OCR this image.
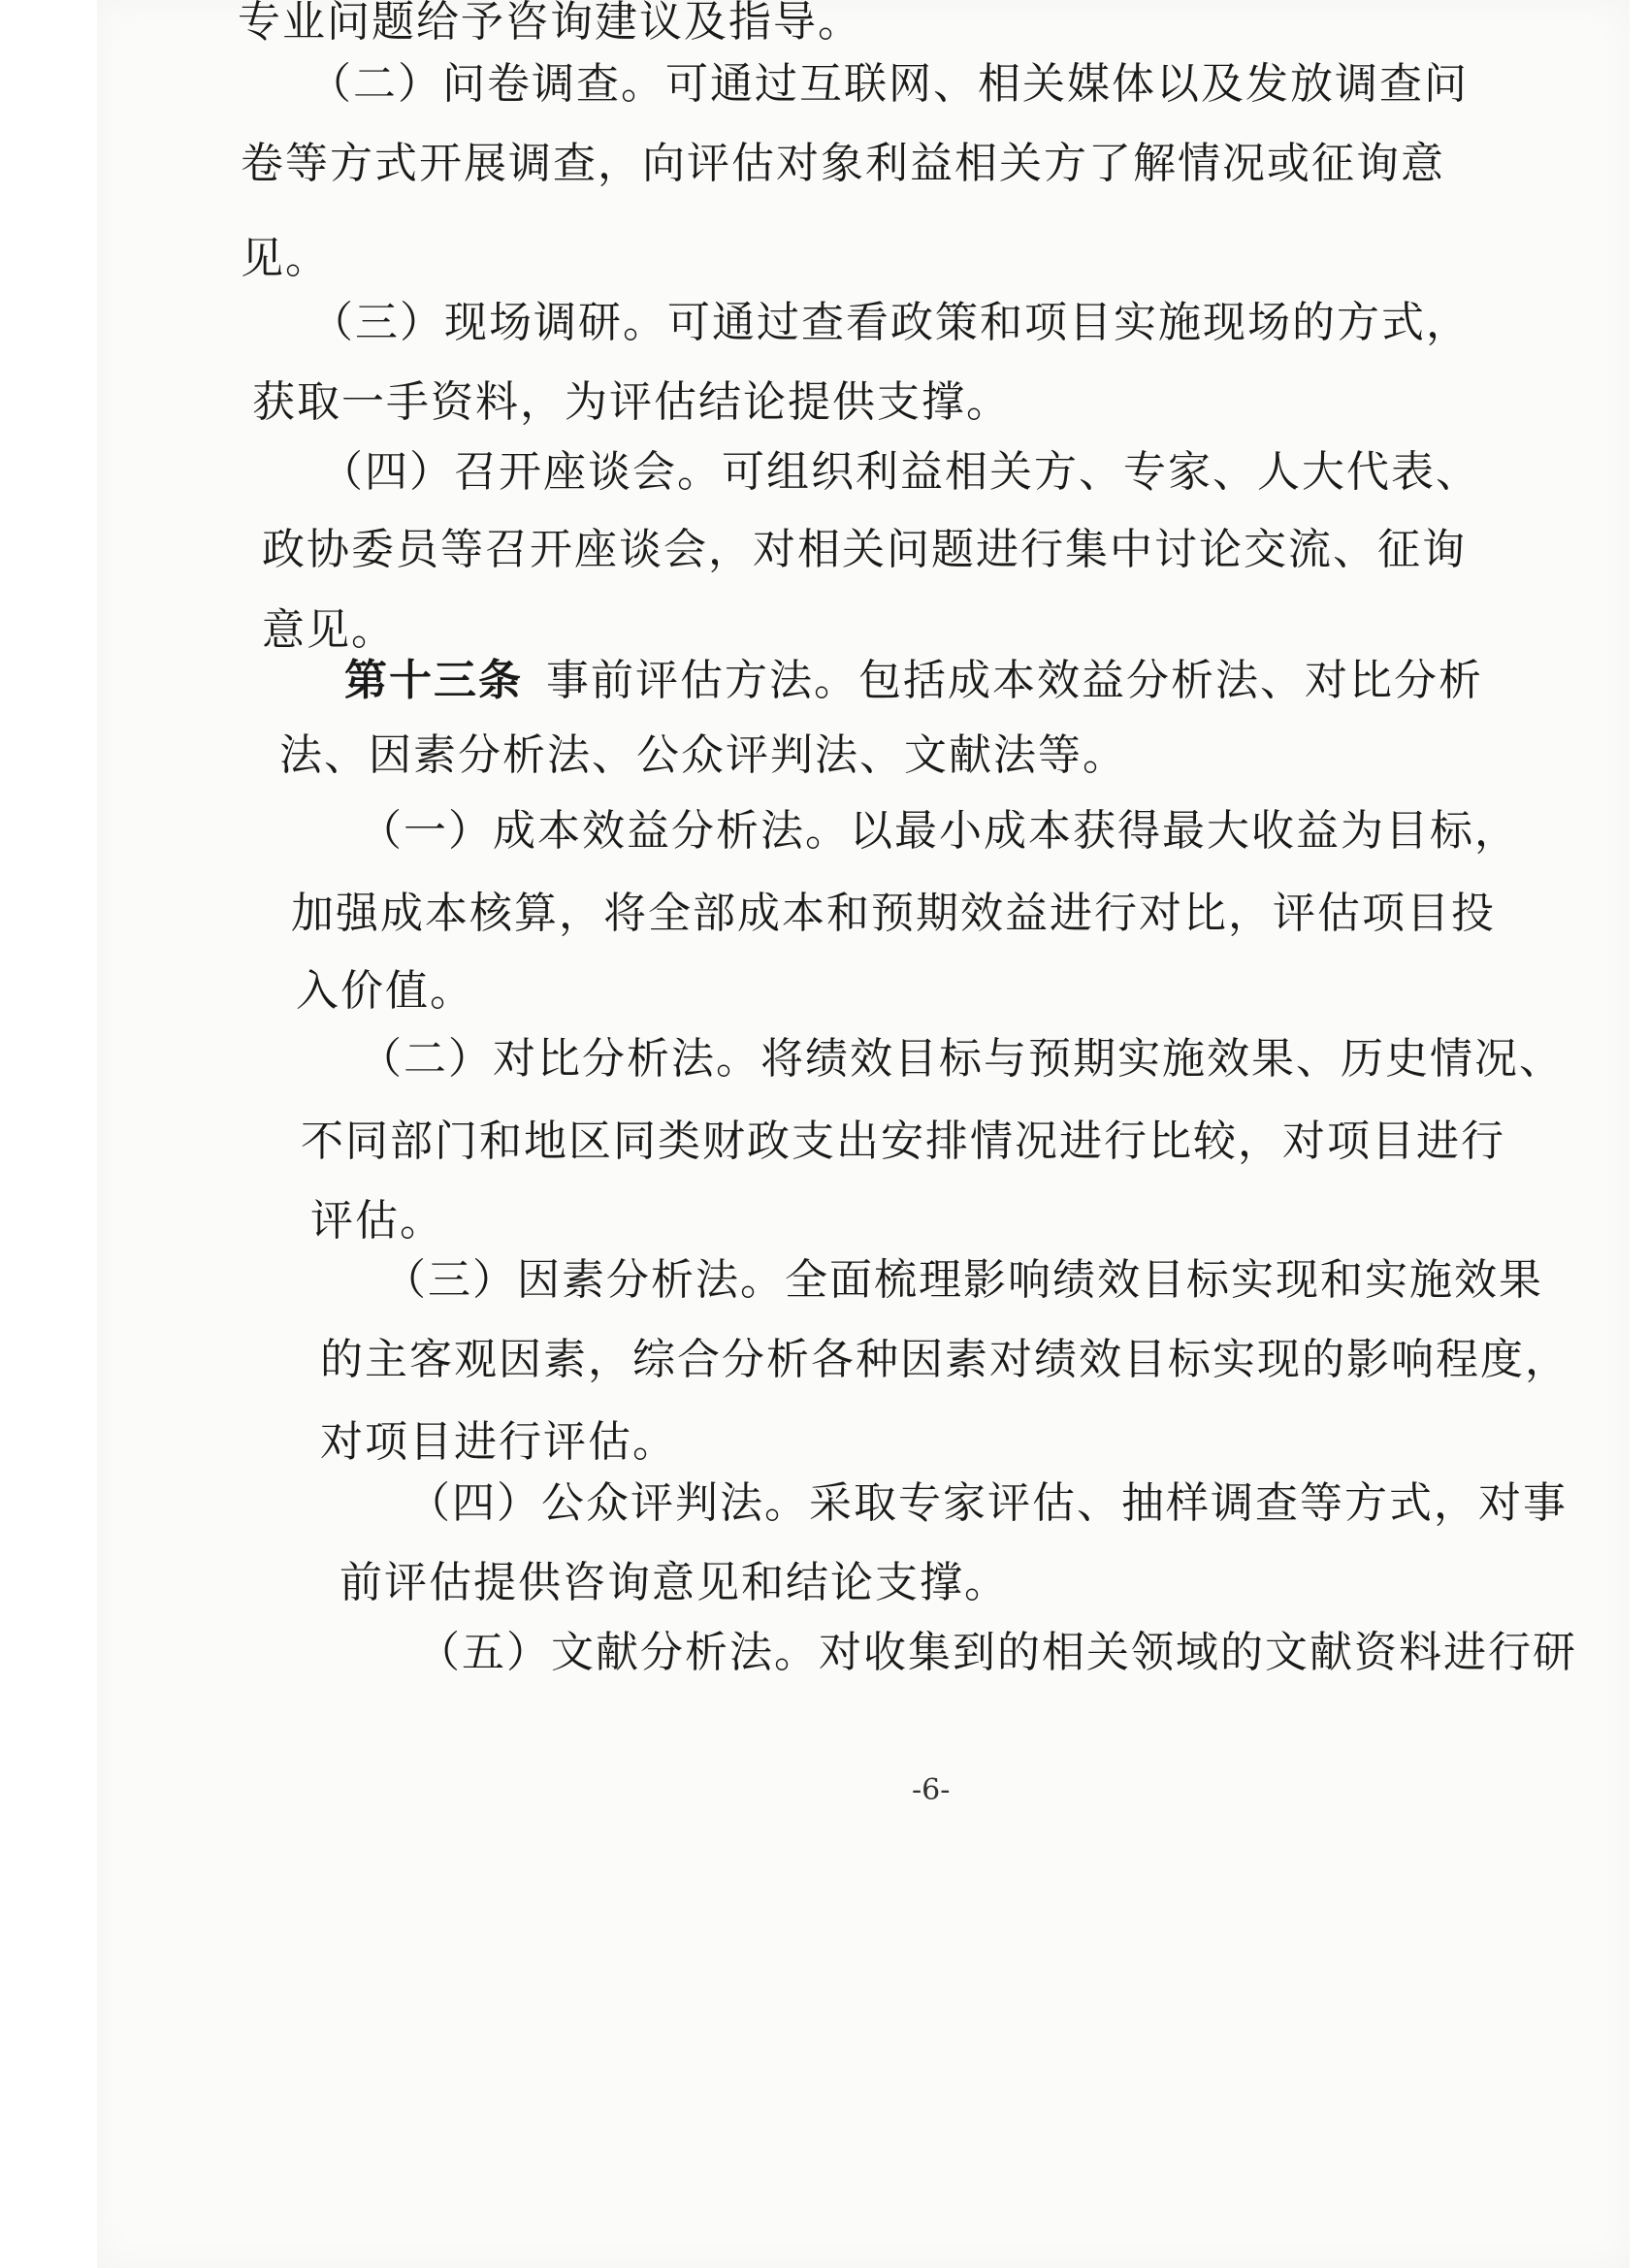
专业问题给予咨询建议及指导。
（二）问卷调查。可通过互联网、相关媒体以及发放调查问
卷等方式开展调查，向评估对象利益相关方了解情况或征询意
见。
（三）现场调研。可通过查看政策和项目实施现场的方式，
获取一手资料，为评估结论提供支撑。
（四）召开座谈会。可组织利益相关方、专家、人大代表、
政协委员等召开座谈会，对相关问题进行集中讨论交流、征询
意见。
第十三条 事前评估方法。包括成本效益分析法、对比分析
法、因素分析法、公众评判法、文献法等。
（一）成本效益分析法。以最小成本获得最大收益为目标，
加强成本核算，将全部成本和预期效益进行对比，评估项目投
入价值。
（二）对比分析法。将绩效目标与预期实施效果、历史情况、
不同部门和地区同类财政支出安排情况进行比较，对项目进行
评估。
（三）因素分析法。全面梳理影响绩效目标实现和实施效果
的主客观因素，综合分析各种因素对绩效目标实现的影响程度，
对项目进行评估。
（四）公众评判法。采取专家评估、抽样调查等方式，对事
前评估提供咨询意见和结论支撑。
（五）文献分析法。对收集到的相关领域的文献资料进行研
-6-
